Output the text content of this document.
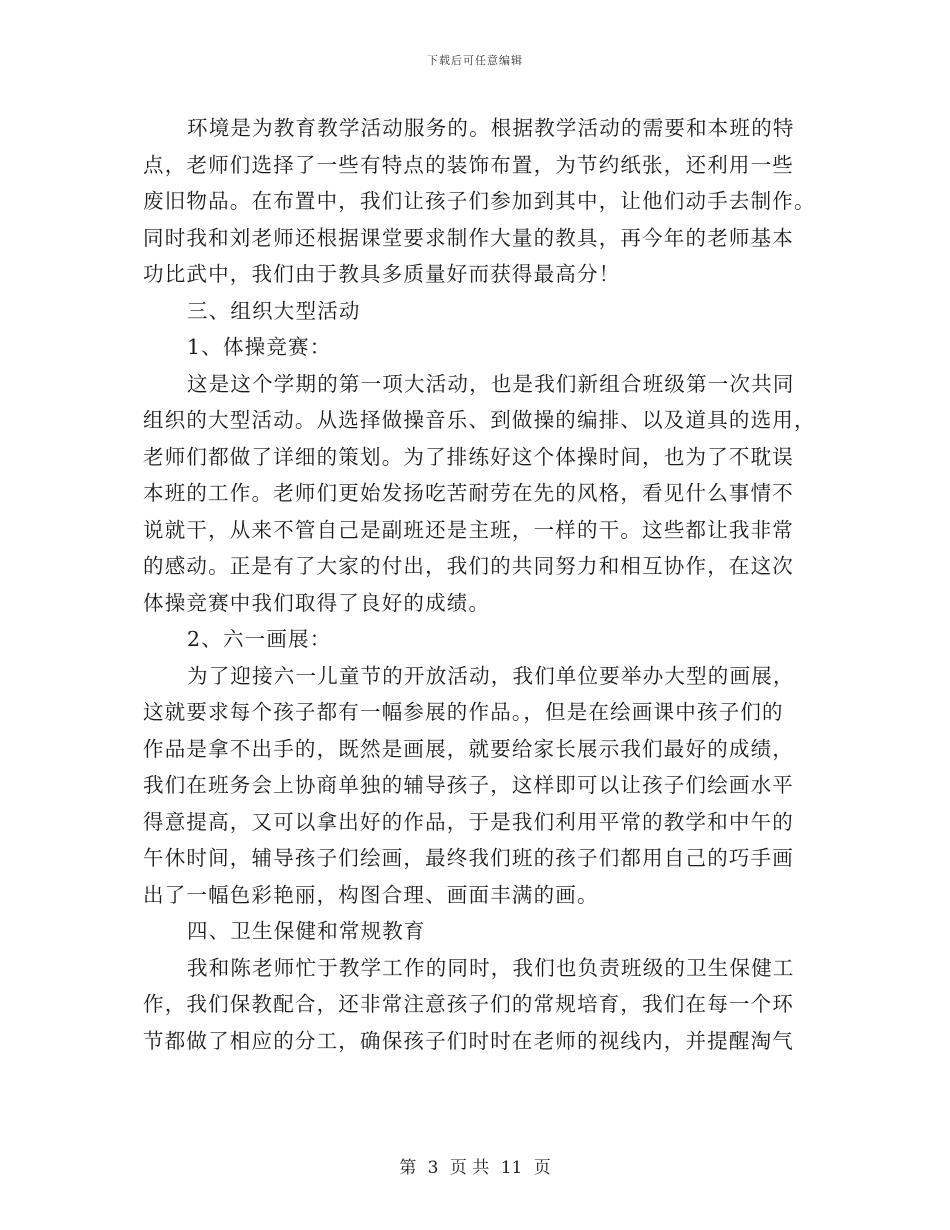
下载后可任意编辑
环境是为教育教学活动服务的。根据教学活动的需要和本班的特
点，老师们选择了一些有特点的装饰布置，为节约纸张，还利用一些
废旧物品。在布置中，我们让孩子们参加到其中，让他们动手去制作。
同时我和刘老师还根据课堂要求制作大量的教具，再今年的老师基本
功比武中，我们由于教具多质量好而获得最高分！
三、组织大型活动
1、体操竞赛：
这是这个学期的第一项大活动，也是我们新组合班级第一次共同
组织的大型活动。从选择做操音乐、到做操的编排、以及道具的选用，
老师们都做了详细的策划。为了排练好这个体操时间，也为了不耽误
本班的工作。老师们更始发扬吃苦耐劳在先的风格，看见什么事情不
说就干，从来不管自己是副班还是主班，一样的干。这些都让我非常
的感动。正是有了大家的付出，我们的共同努力和相互协作，在这次
体操竞赛中我们取得了良好的成绩。
2、六一画展：
为了迎接六一儿童节的开放活动，我们单位要举办大型的画展，
这就要求每个孩子都有一幅参展的作品。，但是在绘画课中孩子们的
作品是拿不出手的，既然是画展，就要给家长展示我们最好的成绩，
我们在班务会上协商单独的辅导孩子，这样即可以让孩子们绘画水平
得意提高，又可以拿出好的作品，于是我们利用平常的教学和中午的
午休时间，辅导孩子们绘画，最终我们班的孩子们都用自己的巧手画
出了一幅色彩艳丽，构图合理、画面丰满的画。
四、卫生保健和常规教育
我和陈老师忙于教学工作的同时，我们也负责班级的卫生保健工
作，我们保教配合，还非常注意孩子们的常规培育，我们在每一个环
节都做了相应的分工，确保孩子们时时在老师的视线内，并提醒淘气
第 3 页 共 11 页
